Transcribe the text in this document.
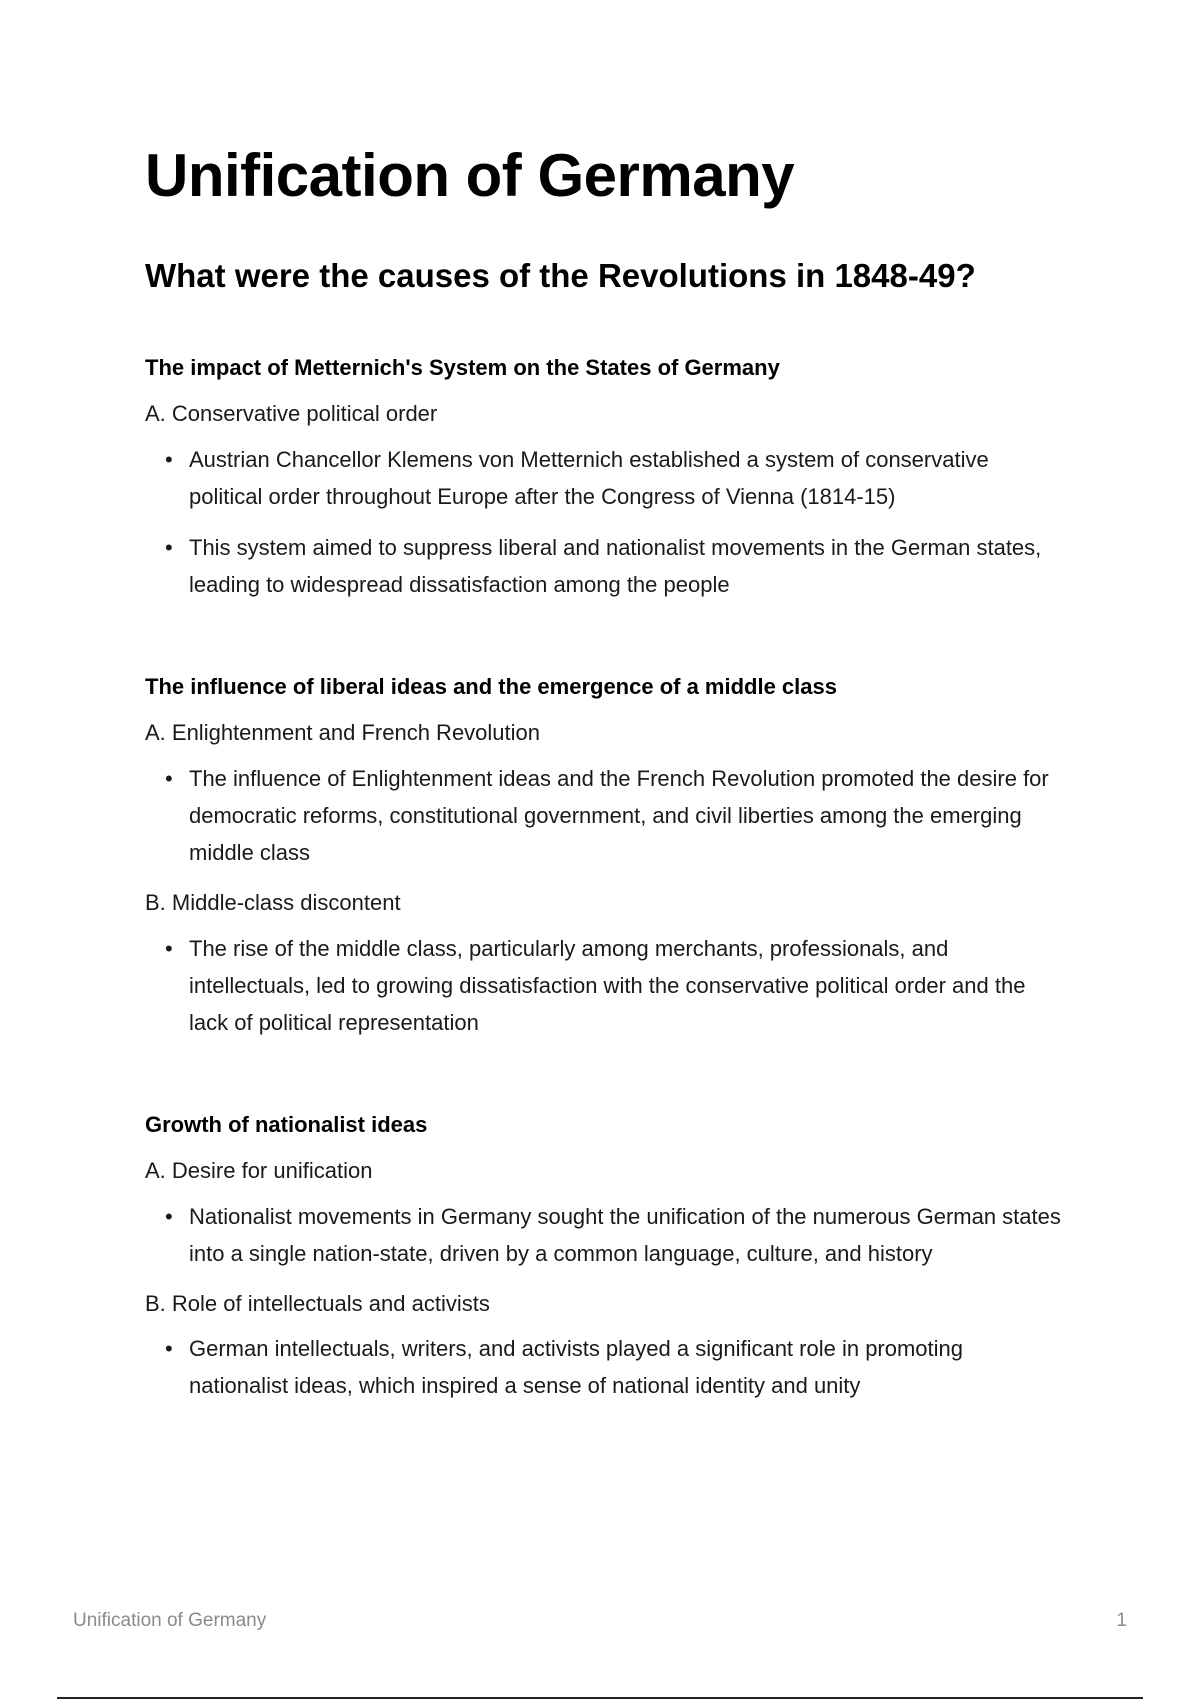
Unification of Germany
What were the causes of the Revolutions in 1848-49?
The impact of Metternich's System on the States of Germany

A. Conservative political order

• Austrian Chancellor Klemens von Metternich established a system of conservative political order throughout Europe after the Congress of Vienna (1814-15)
• This system aimed to suppress liberal and nationalist movements in the German states, leading to widespread dissatisfaction among the people
The influence of liberal ideas and the emergence of a middle class

A. Enlightenment and French Revolution

• The influence of Enlightenment ideas and the French Revolution promoted the desire for democratic reforms, constitutional government, and civil liberties among the emerging middle class

B. Middle-class discontent

• The rise of the middle class, particularly among merchants, professionals, and intellectuals, led to growing dissatisfaction with the conservative political order and the lack of political representation
Growth of nationalist ideas

A. Desire for unification

• Nationalist movements in Germany sought the unification of the numerous German states into a single nation-state, driven by a common language, culture, and history

B. Role of intellectuals and activists

• German intellectuals, writers, and activists played a significant role in promoting nationalist ideas, which inspired a sense of national identity and unity
Unification of Germany	1
